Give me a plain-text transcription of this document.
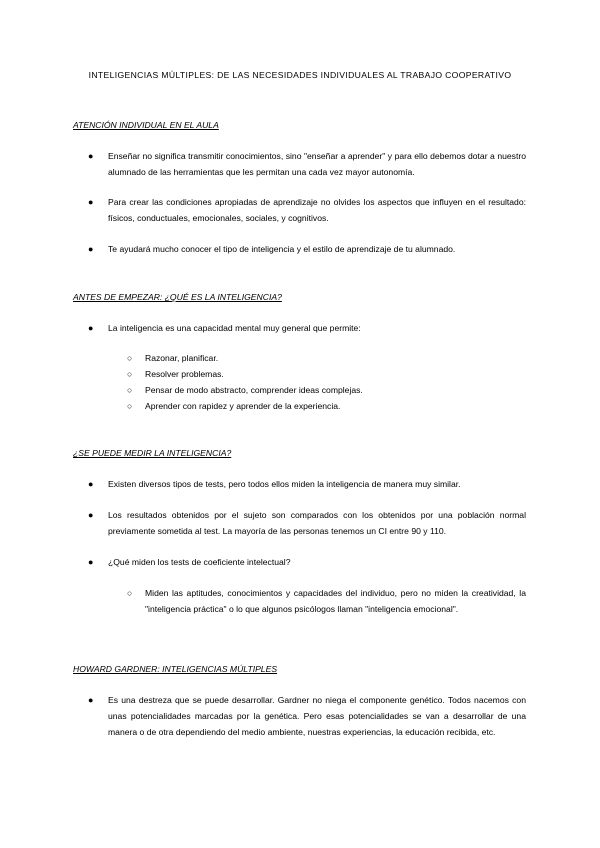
INTELIGENCIAS MÚLTIPLES: DE LAS NECESIDADES INDIVIDUALES AL TRABAJO COOPERATIVO
ATENCIÓN INDIVIDUAL EN EL AULA
● Enseñar no significa transmitir conocimientos, sino "enseñar a aprender" y para ello debemos dotar a nuestro alumnado de las herramientas que les permitan una cada vez mayor autonomía.
● Para crear las condiciones apropiadas de aprendizaje no olvides los aspectos que influyen en el resultado: físicos, conductuales, emocionales, sociales, y cognitivos.
● Te ayudará mucho conocer el tipo de inteligencia y el estilo de aprendizaje de tu alumnado.
ANTES DE EMPEZAR: ¿QUÉ ES LA INTELIGENCIA?
● La inteligencia es una capacidad mental muy general que permite:
○ Razonar, planificar.
○ Resolver problemas.
○ Pensar de modo abstracto, comprender ideas complejas.
○ Aprender con rapidez y aprender de la experiencia.
¿SE PUEDE MEDIR LA INTELIGENCIA?
● Existen diversos tipos de tests, pero todos ellos miden la inteligencia de manera muy similar.
● Los resultados obtenidos por el sujeto son comparados con los obtenidos por una población normal previamente sometida al test. La mayoría de las personas tenemos un CI entre 90 y 110.
● ¿Qué miden los tests de coeficiente intelectual?
○ Miden las aptitudes, conocimientos y capacidades del individuo, pero no miden la creatividad, la "inteligencia práctica" o lo que algunos psicólogos llaman "inteligencia emocional".
HOWARD GARDNER: INTELIGENCIAS MÚLTIPLES
● Es una destreza que se puede desarrollar. Gardner no niega el componente genético. Todos nacemos con unas potencialidades marcadas por la genética. Pero esas potencialidades se van a desarrollar de una manera o de otra dependiendo del medio ambiente, nuestras experiencias, la educación recibida, etc.
